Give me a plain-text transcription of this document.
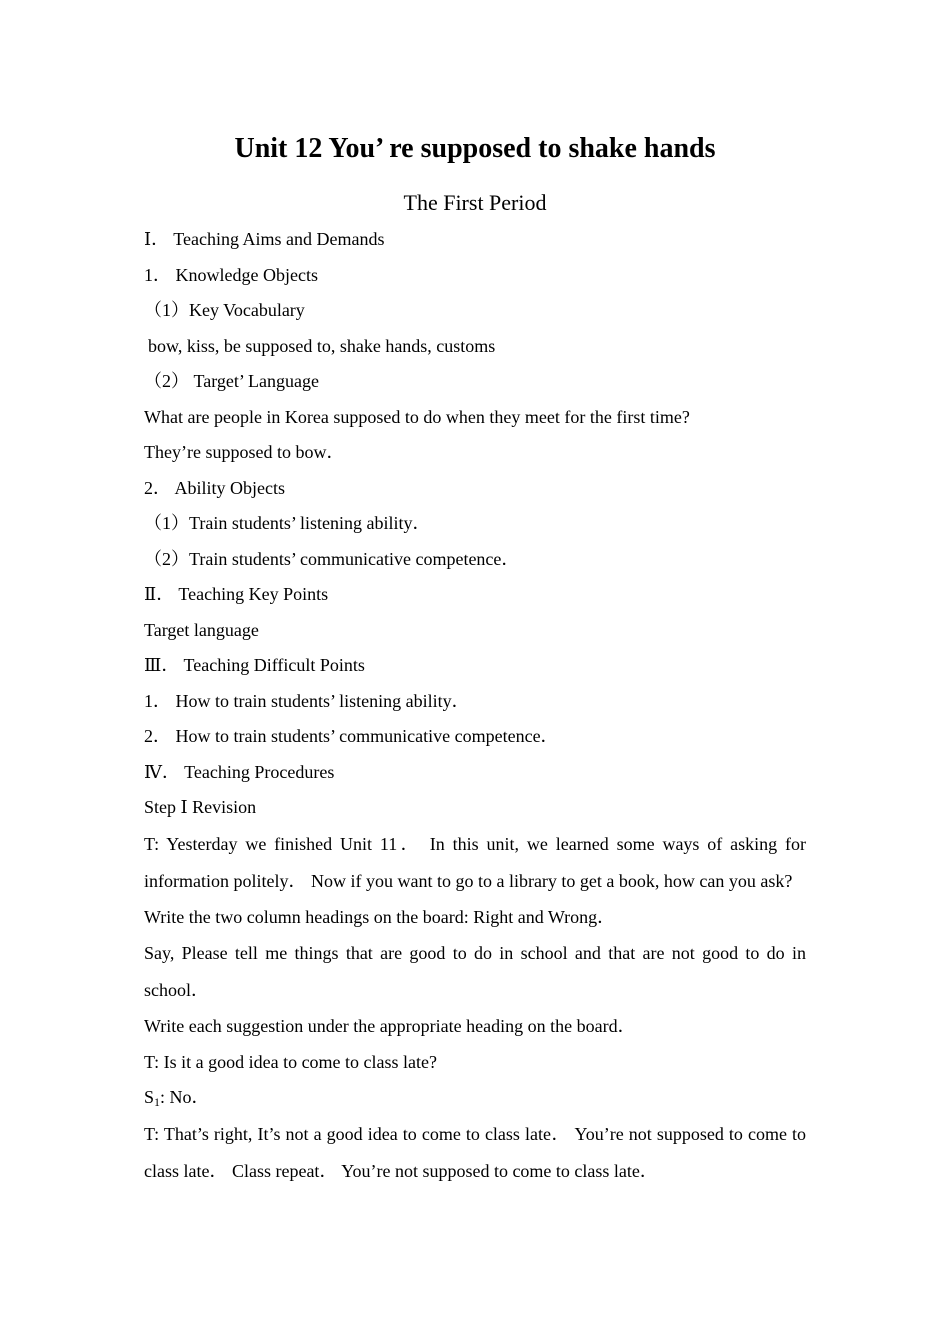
Unit 12 You’ re supposed to shake hands
The First Period
Ⅰ． Teaching Aims and Demands
1． Knowledge Objects
（1）Key Vocabulary
bow, kiss, be supposed to, shake hands, customs
（2） Target’ Language
What are people in Korea supposed to do when they meet for the first time?
They’re supposed to bow．
2． Ability Objects
（1）Train students’ listening ability．
（2）Train students’ communicative competence．
Ⅱ． Teaching Key Points
Target language
Ⅲ． Teaching Difficult Points
1． How to train students’ listening ability．
2． How to train students’ communicative competence．
Ⅳ． Teaching Procedures
Step Ⅰ Revision
T: Yesterday we finished Unit 11． In this unit, we learned some ways of asking for information politely． Now if you want to go to a library to get a book, how can you ask?
Write the two column headings on the board: Right and Wrong．
Say, Please tell me things that are good to do in school and that are not good to do in school．
Write each suggestion under the appropriate heading on the board．
T: Is it a good idea to come to class late?
$S_1$: No．
T: That’s right, It’s not a good idea to come to class late． You’re not supposed to come to class late． Class repeat． You’re not supposed to come to class late．
